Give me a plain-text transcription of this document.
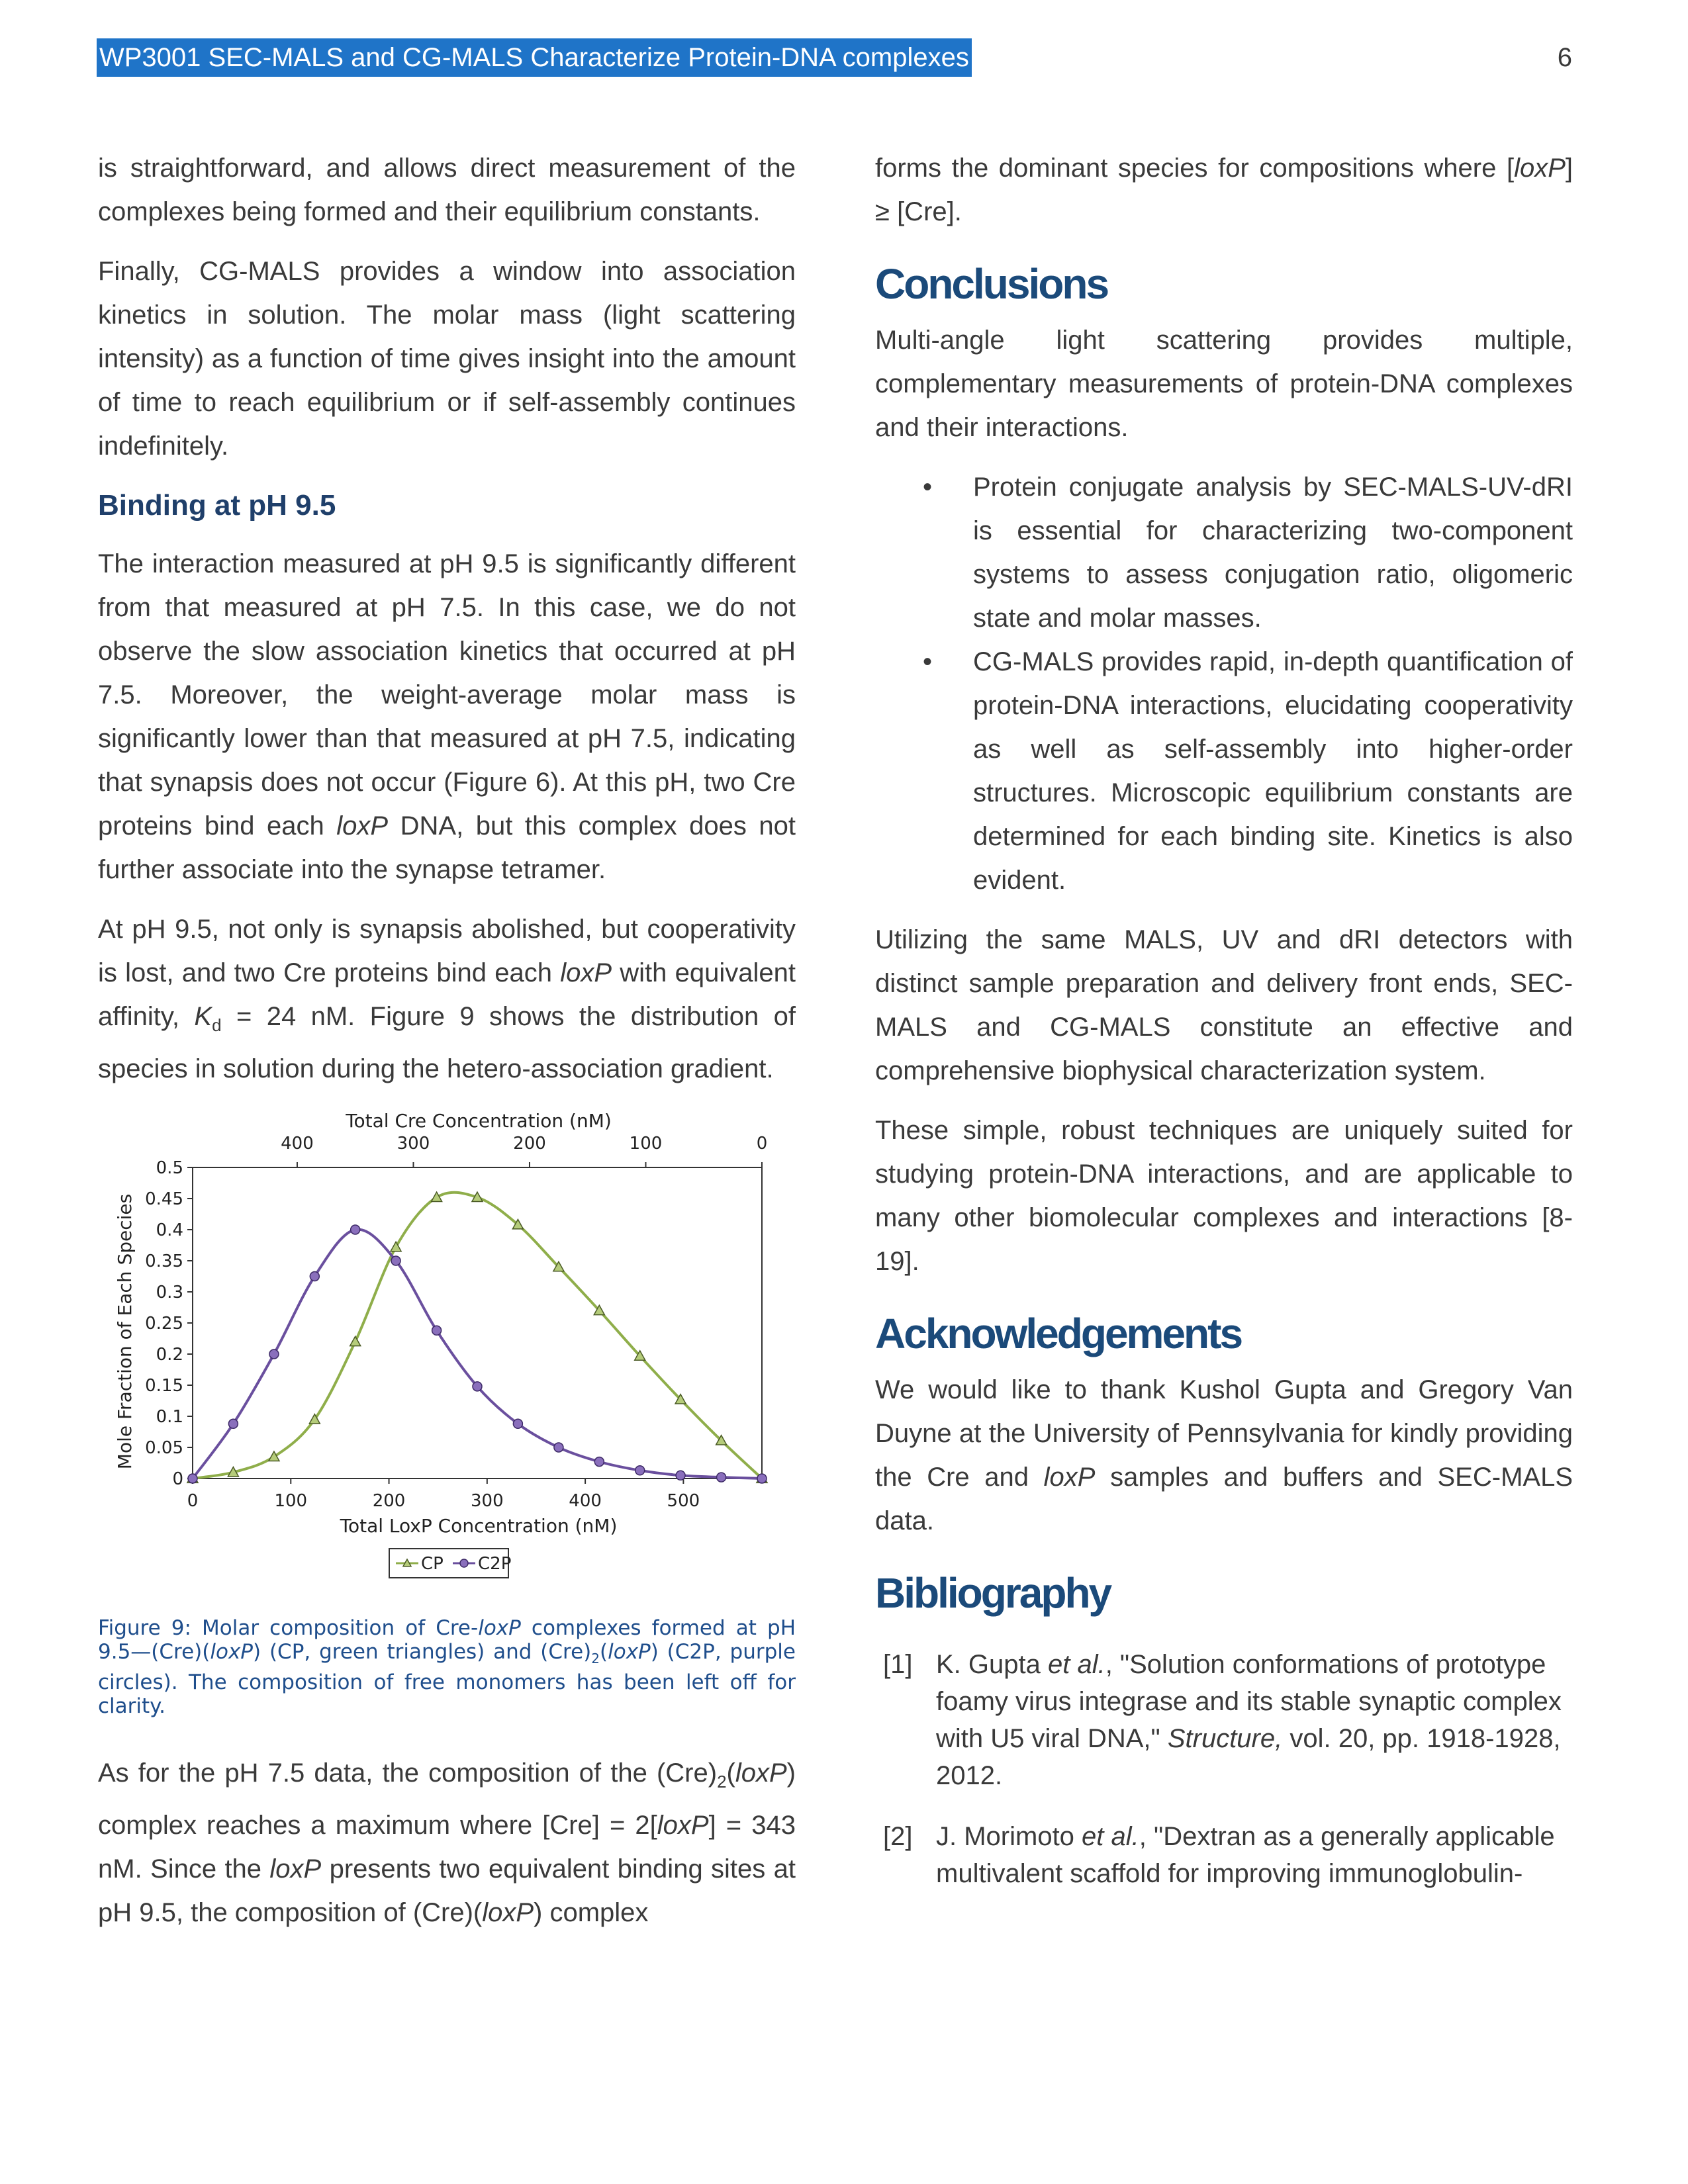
WP3001 SEC-MALS and CG-MALS Characterize Protein-DNA complexes	6

is straightforward, and allows direct measurement of the complexes being formed and their equilibrium constants.

Finally, CG-MALS provides a window into association kinetics in solution. The molar mass (light scattering intensity) as a function of time gives insight into the amount of time to reach equilibrium or if self-assembly continues indefinitely.

Binding at pH 9.5

The interaction measured at pH 9.5 is significantly different from that measured at pH 7.5. In this case, we do not observe the slow association kinetics that occurred at pH 7.5. Moreover, the weight-average molar mass is significantly lower than that measured at pH 7.5, indicating that synapsis does not occur (Figure 6). At this pH, two Cre proteins bind each loxP DNA, but this complex does not further associate into the synapse tetramer.

At pH 9.5, not only is synapsis abolished, but cooperativity is lost, and two Cre proteins bind each loxP with equivalent affinity, $K_d = 24$ nM. Figure 9 shows the distribution of species in solution during the hetero-association gradient.

Total Cre Concentration (nM)
Total LoxP Concentration (nM)
Mole Fraction of Each Species
0
0.05
0.1
0.15
0.2
0.25
0.3
0.35
0.4
0.45
0.5
0	100	200	300	400	500
400	300	200	100	0
CP C2P
Figure 9: Molar composition of Cre-loxP complexes formed at pH 9.5—(Cre)(loxP) (CP, green triangles) and $(Cre)_2(loxP)$ (C2P, purple circles). The composition of free monomers has been left off for clarity.

As for the pH 7.5 data, the composition of the $(Cre)_2(loxP)$ complex reaches a maximum where [Cre] = 2[loxP] = 343 nM. Since the loxP presents two equivalent binding sites at pH 9.5, the composition of (Cre)(loxP) complex

forms the dominant species for compositions where [loxP] ≥ [Cre].

Conclusions

Multi-angle light scattering provides multiple, complementary measurements of protein-DNA complexes and their interactions.

• Protein conjugate analysis by SEC-MALS-UV-dRI is essential for characterizing two-component systems to assess conjugation ratio, oligomeric state and molar masses.
• CG-MALS provides rapid, in-depth quantification of protein-DNA interactions, elucidating cooperativity as well as self-assembly into higher-order structures. Microscopic equilibrium constants are determined for each binding site. Kinetics is also evident.

Utilizing the same MALS, UV and dRI detectors with distinct sample preparation and delivery front ends, SEC-MALS and CG-MALS constitute an effective and comprehensive biophysical characterization system.

These simple, robust techniques are uniquely suited for studying protein-DNA interactions, and are applicable to many other biomolecular complexes and interactions [8-19].

Acknowledgements

We would like to thank Kushol Gupta and Gregory Van Duyne at the University of Pennsylvania for kindly providing the Cre and loxP samples and buffers and SEC-MALS data.

Bibliography
[1] K. Gupta et al., "Solution conformations of prototype foamy virus integrase and its stable synaptic complex with U5 viral DNA," Structure, vol. 20, pp. 1918-1928, 2012.
[2] J. Morimoto et al., "Dextran as a generally applicable multivalent scaffold for improving immunoglobulin-
